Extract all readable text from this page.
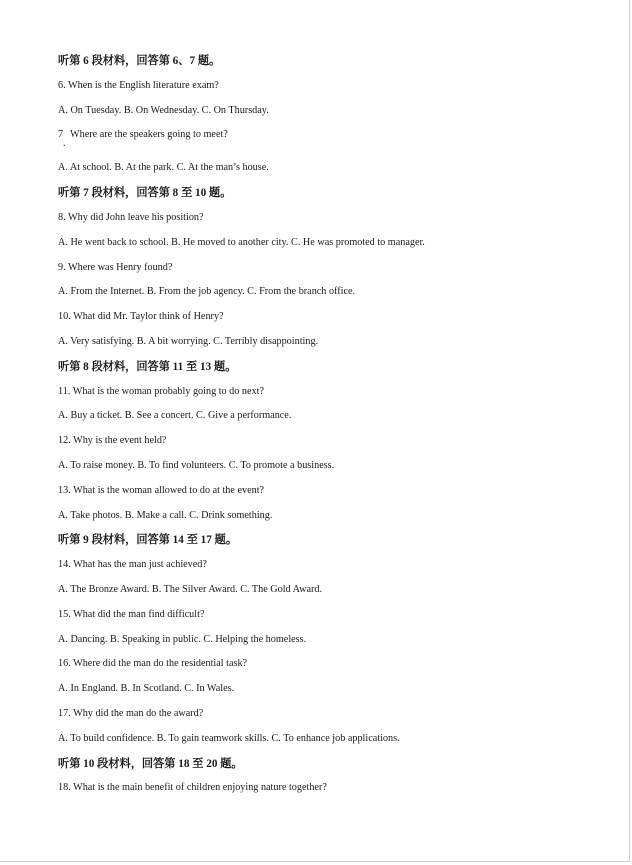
听第 6 段材料，回答第 6、7 题。
6. When is the English literature exam?
A. On Tuesday. B. On Wednesday. C. On Thursday.
7 Where are the speakers going to meet?
.
A. At school. B. At the park. C. At the man’s house.
听第 7 段材料，回答第 8 至 10 题。
8. Why did John leave his position?
A. He went back to school. B. He moved to another city. C. He was promoted to manager.
9. Where was Henry found?
A. From the Internet. B. From the job agency. C. From the branch office.
10. What did Mr. Taylor think of Henry?
A. Very satisfying. B. A bit worrying. C. Terribly disappointing.
听第 8 段材料，回答第 11 至 13 题。
11. What is the woman probably going to do next?
A. Buy a ticket. B. See a concert. C. Give a performance.
12. Why is the event held?
A. To raise money. B. To find volunteers. C. To promote a business.
13. What is the woman allowed to do at the event?
A. Take photos. B. Make a call. C. Drink something.
听第 9 段材料，回答第 14 至 17 题。
14. What has the man just achieved?
A. The Bronze Award. B. The Silver Award. C. The Gold Award.
15. What did the man find difficult?
A. Dancing. B. Speaking in public. C. Helping the homeless.
16. Where did the man do the residential task?
A. In England. B. In Scotland. C. In Wales.
17. Why did the man do the award?
A. To build confidence. B. To gain teamwork skills. C. To enhance job applications.
听第 10 段材料，回答第 18 至 20 题。
18. What is the main benefit of children enjoying nature together?
